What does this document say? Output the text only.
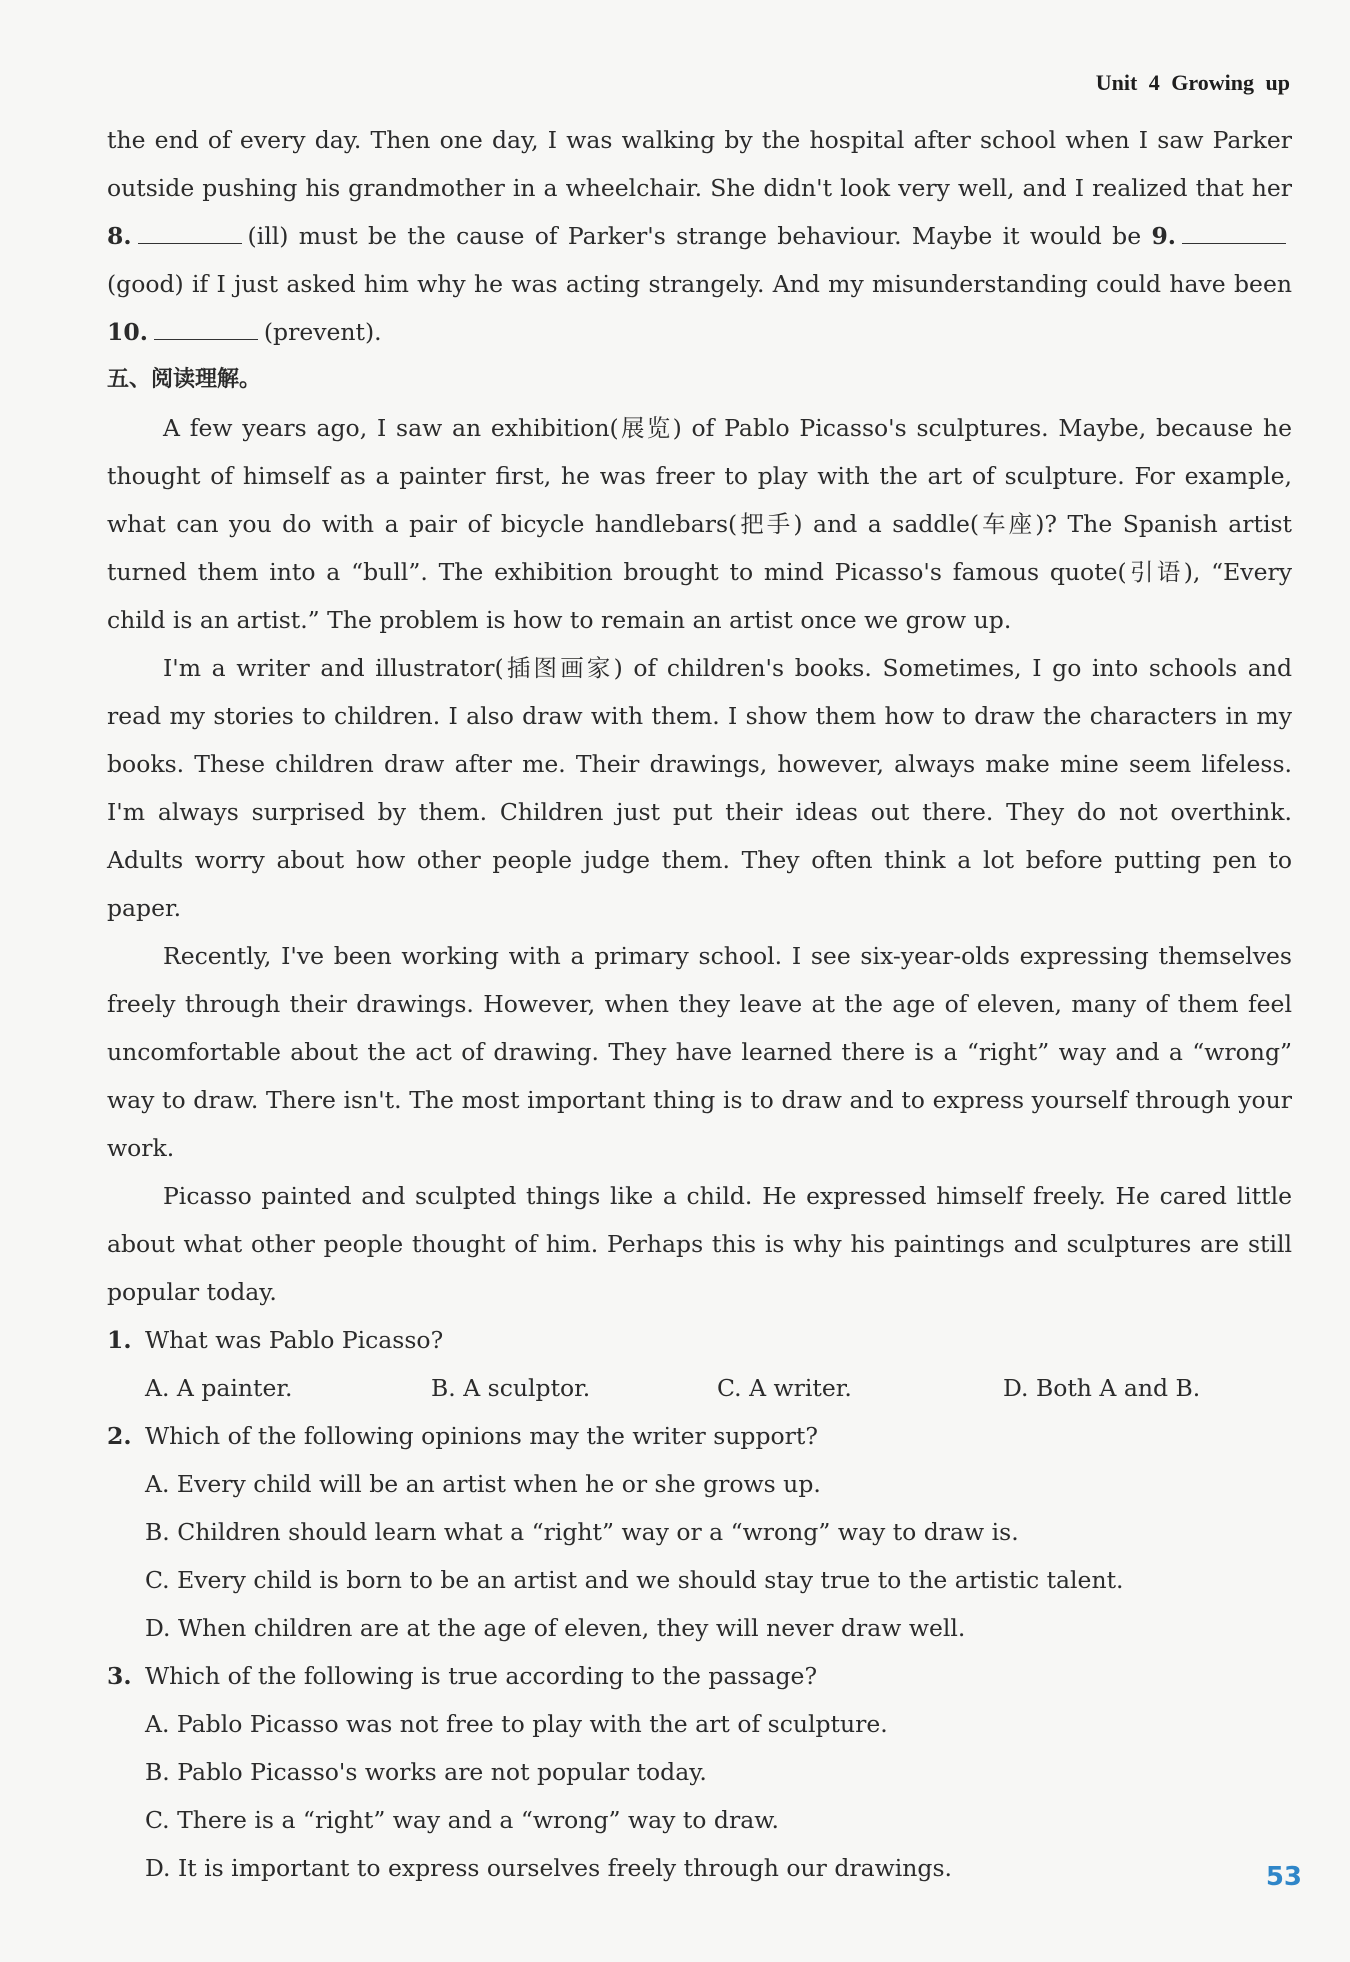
Unit 4 Growing up

the end of every day. Then one day, I was walking by the hospital after school when I saw Parker outside pushing his grandmother in a wheelchair. She didn't look very well, and I realized that her 8.	(ill) must be the cause of Parker's strange behaviour. Maybe it would be 9.(good) if I just asked him why he was acting strangely. And my misunderstanding could have been 10.	(prevent).

五、阅读理解。

A few years ago, I saw an exhibition(展览) of Pablo Picasso's sculptures. Maybe, because he thought of himself as a painter first, he was freer to play with the art of sculpture. For example, what can you do with a pair of bicycle handlebars(把手) and a saddle(车座)? The Spanish artist turned them into a “bull”. The exhibition brought to mind Picasso's famous quote(引语), “Every child is an artist.” The problem is how to remain an artist once we grow up.

I'm a writer and illustrator(插图画家) of children's books. Sometimes, I go into schools and read my stories to children. I also draw with them. I show them how to draw the characters in my books. These children draw after me. Their drawings, however, always make mine seem lifeless. I'm always surprised by them. Children just put their ideas out there. They do not overthink. Adults worry about how other people judge them. They often think a lot before putting pen to paper.

Recently, I've been working with a primary school. I see six-year-olds expressing themselves freely through their drawings. However, when they leave at the age of eleven, many of them feel uncomfortable about the act of drawing. They have learned there is a “right” way and a “wrong” way to draw. There isn't. The most important thing is to draw and to express yourself through your work.

Picasso painted and sculpted things like a child. He expressed himself freely. He cared little about what other people thought of him. Perhaps this is why his paintings and sculptures are still popular today.

1. What was Pablo Picasso?

A. A painter.	B. A sculptor.	C. A writer.	D. Both A and B.

2. Which of the following opinions may the writer support?

A. Every child will be an artist when he or she grows up.

B. Children should learn what a “right” way or a “wrong” way to draw is.

C. Every child is born to be an artist and we should stay true to the artistic talent.

D. When children are at the age of eleven, they will never draw well.

3. Which of the following is true according to the passage?

A. Pablo Picasso was not free to play with the art of sculpture.

B. Pablo Picasso's works are not popular today.

C. There is a “right” way and a “wrong” way to draw.

D. It is important to express ourselves freely through our drawings.	53
